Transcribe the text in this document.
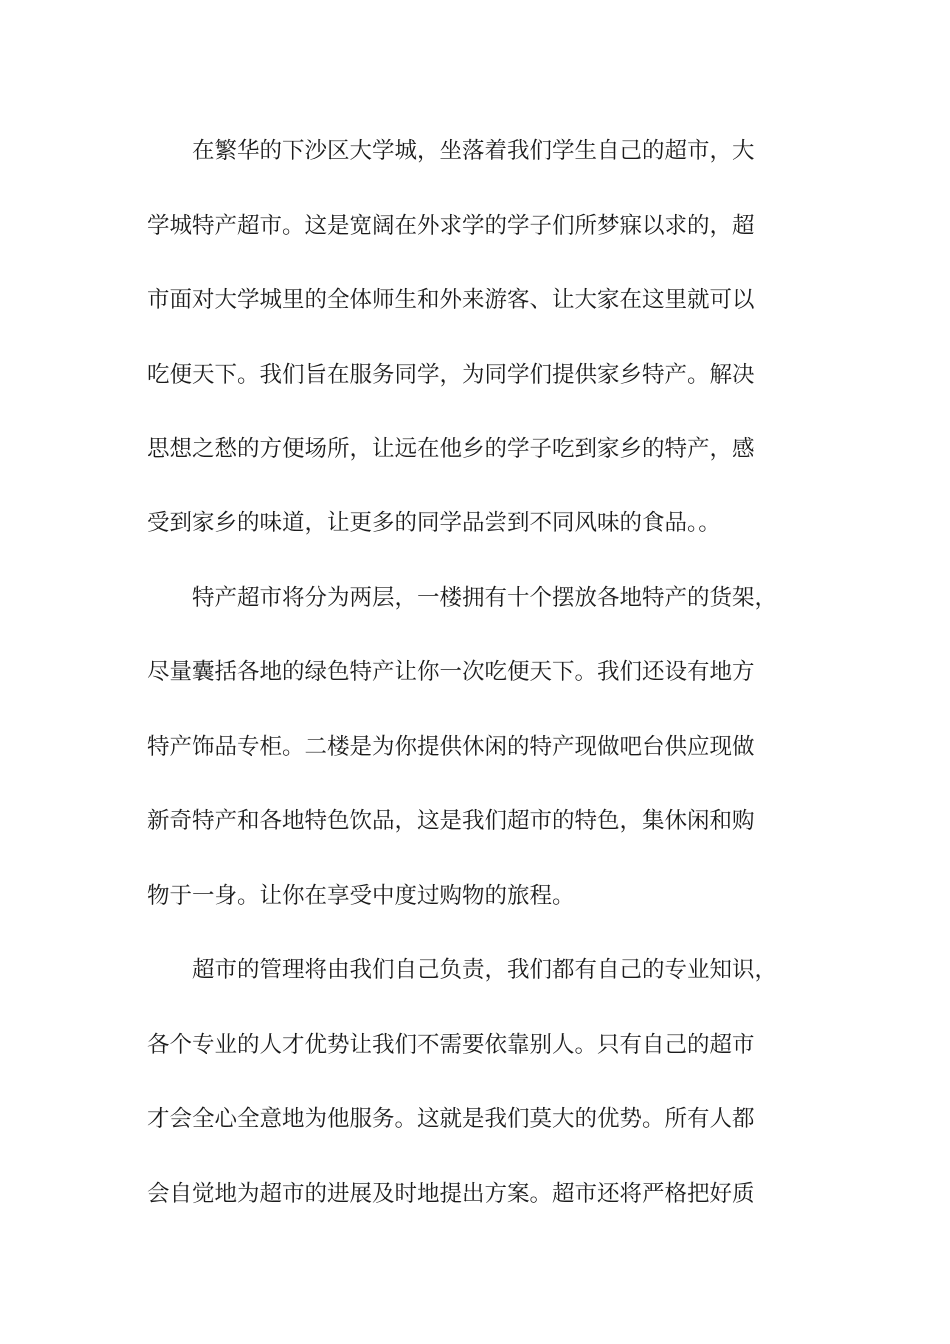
在繁华的下沙区大学城，坐落着我们学生自己的超市，大

学城特产超市。这是宽阔在外求学的学子们所梦寐以求的，超

市面对大学城里的全体师生和外来游客、让大家在这里就可以

吃便天下。我们旨在服务同学，为同学们提供家乡特产。解决

思想之愁的方便场所，让远在他乡的学子吃到家乡的特产，感

受到家乡的味道，让更多的同学品尝到不同风味的食品。。

特产超市将分为两层，一楼拥有十个摆放各地特产的货架，

尽量囊括各地的绿色特产让你一次吃便天下。我们还设有地方

特产饰品专柜。二楼是为你提供休闲的特产现做吧台供应现做

新奇特产和各地特色饮品，这是我们超市的特色，集休闲和购

物于一身。让你在享受中度过购物的旅程。

超市的管理将由我们自己负责，我们都有自己的专业知识，

各个专业的人才优势让我们不需要依靠别人。只有自己的超市

才会全心全意地为他服务。这就是我们莫大的优势。所有人都

会自觉地为超市的进展及时地提出方案。超市还将严格把好质
